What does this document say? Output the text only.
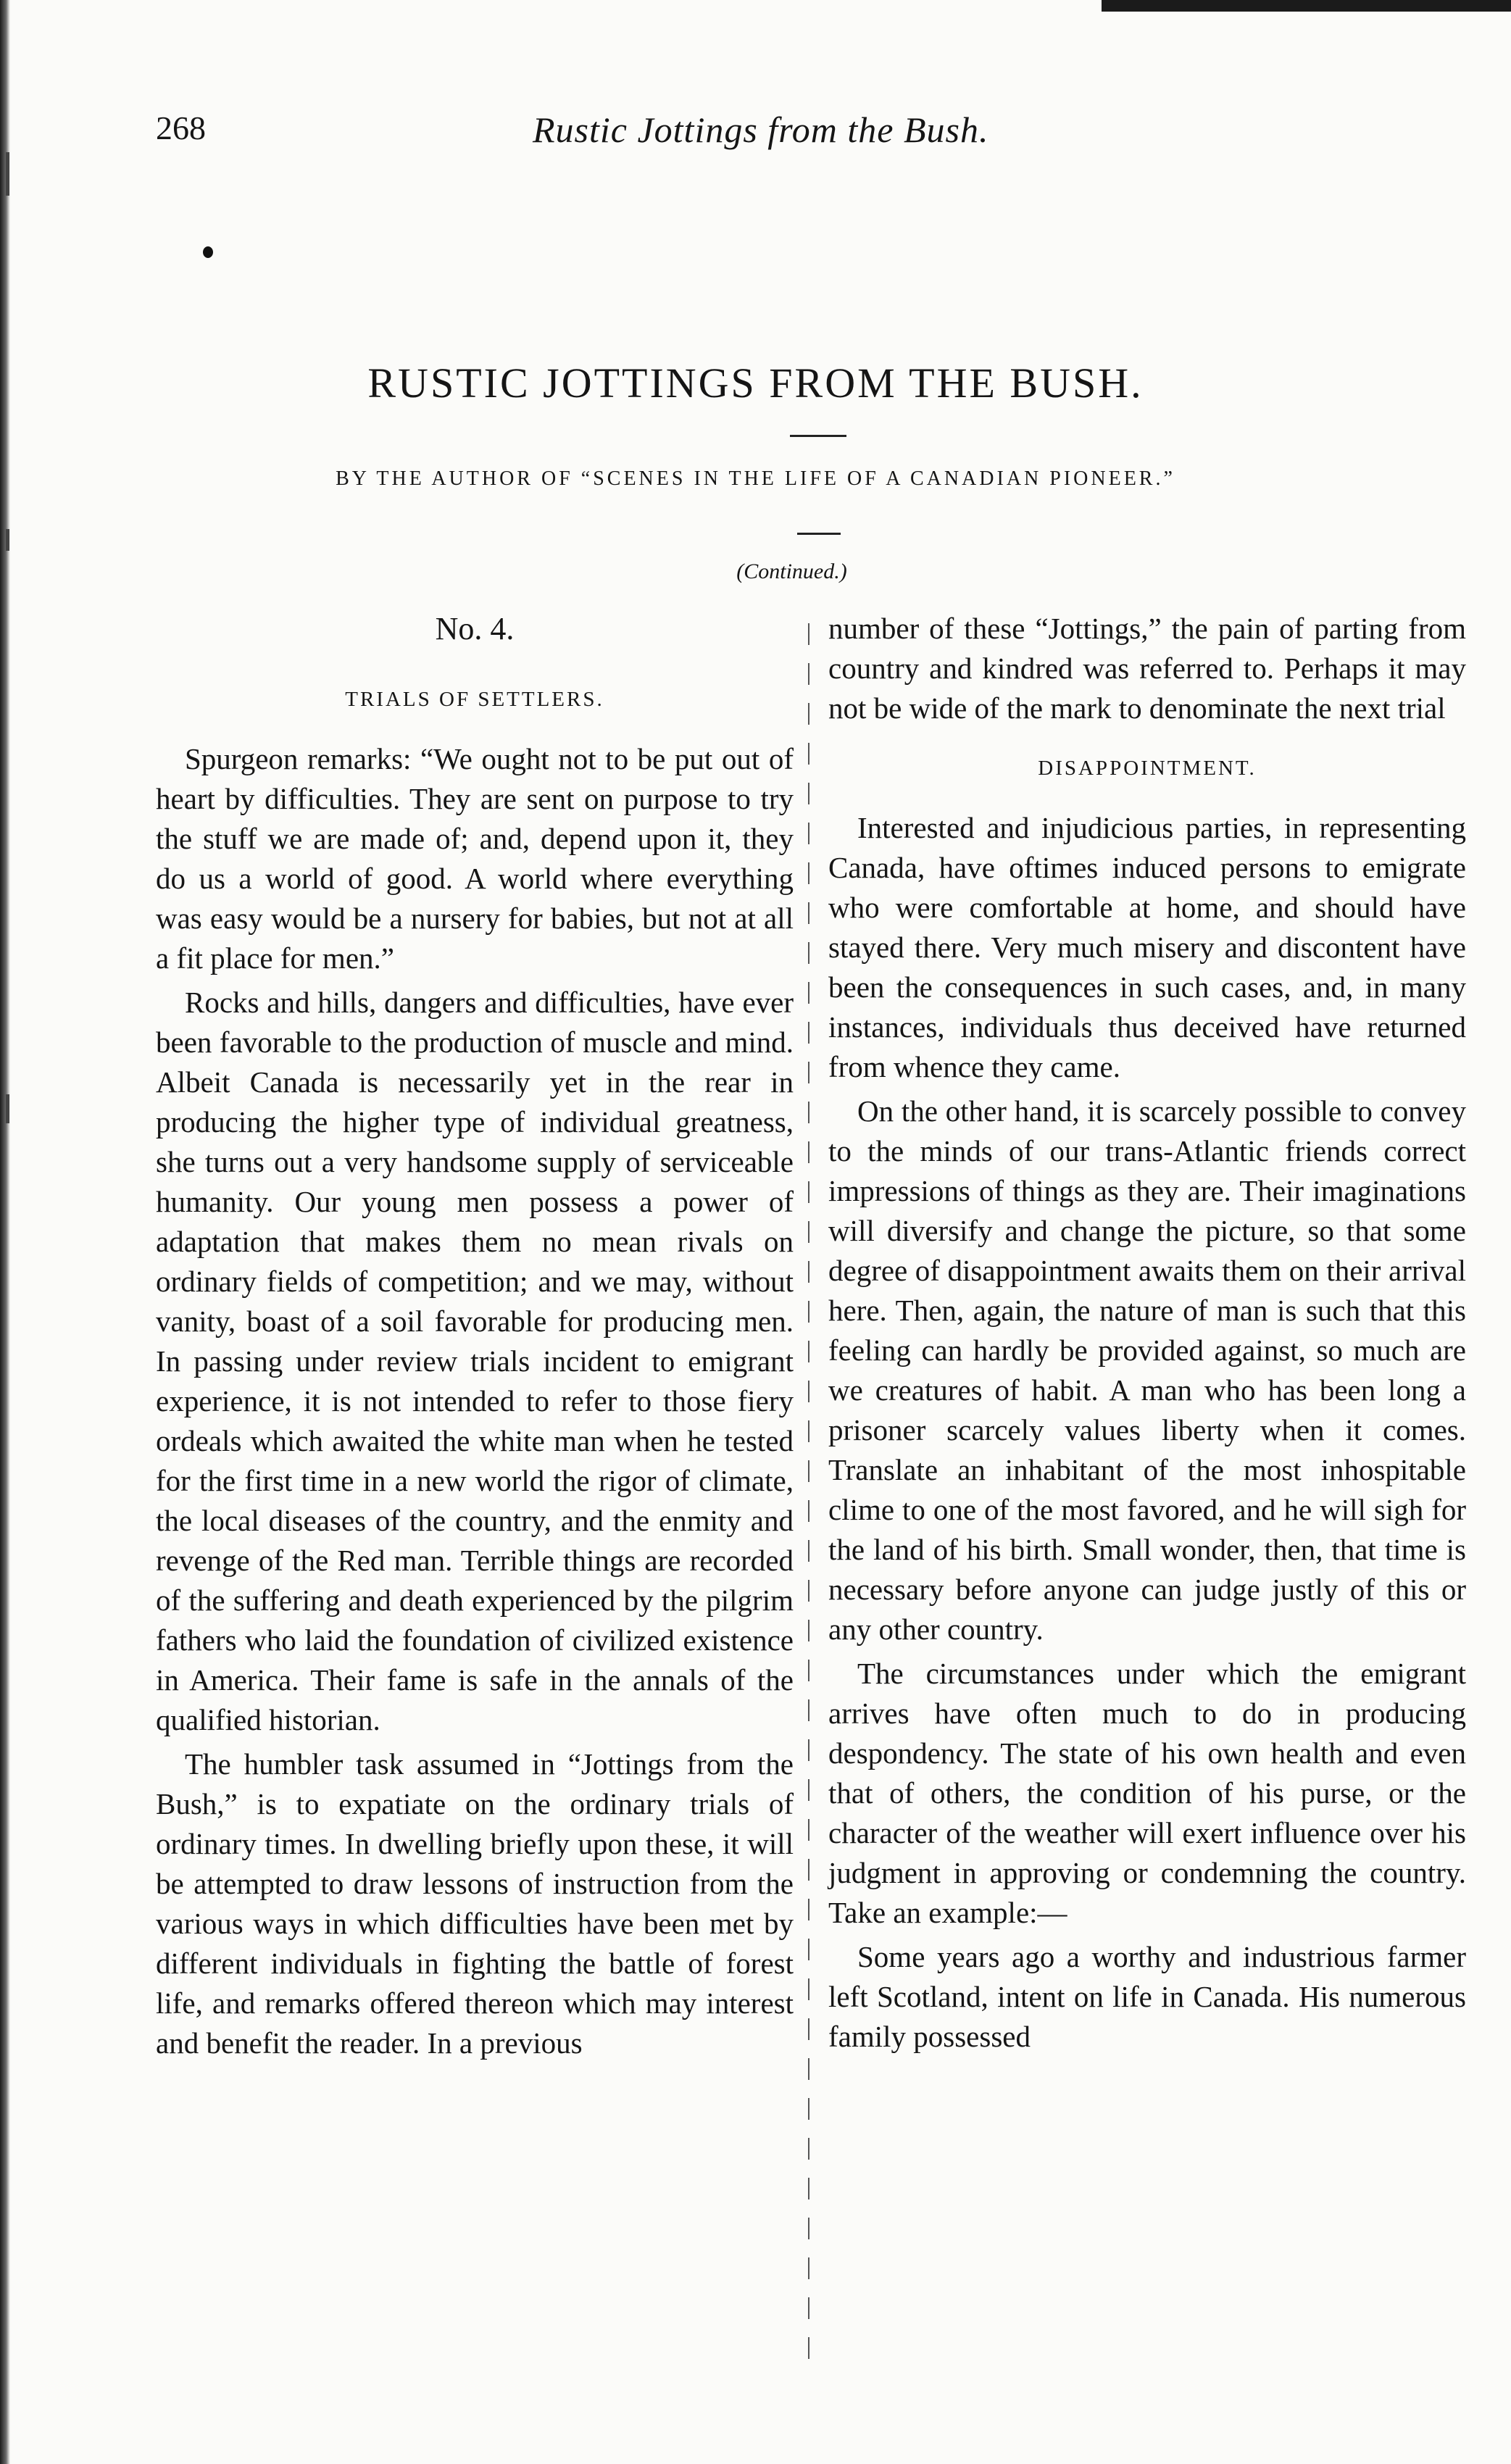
268	Rustic Jottings from the Bush.
RUSTIC JOTTINGS FROM THE BUSH.
BY THE AUTHOR OF “SCENES IN THE LIFE OF A CANADIAN PIONEER.”
(Continued.)
No. 4.
TRIALS OF SETTLERS.

Spurgeon remarks: “We ought not to be put out of heart by difficulties. They are sent on purpose to try the stuff we are made of; and, depend upon it, they do us a world of good. A world where everything was easy would be a nursery for babies, but not at all a fit place for men.”

Rocks and hills, dangers and difficulties, have ever been favorable to the production of muscle and mind. Albeit Canada is necessarily yet in the rear in producing the higher type of individual greatness, she turns out a very handsome supply of serviceable humanity. Our young men possess a power of adaptation that makes them no mean rivals on ordinary fields of competition; and we may, without vanity, boast of a soil favorable for producing men. In passing under review trials incident to emigrant experience, it is not intended to refer to those fiery ordeals which awaited the white man when he tested for the first time in a new world the rigor of climate, the local diseases of the country, and the enmity and revenge of the Red man. Terrible things are recorded of the suffering and death experienced by the pilgrim fathers who laid the foundation of civilized existence in America. Their fame is safe in the annals of the qualified historian.

The humbler task assumed in “Jottings from the Bush,” is to expatiate on the ordinary trials of ordinary times. In dwelling briefly upon these, it will be attempted to draw lessons of instruction from the various ways in which difficulties have been met by different individuals in fighting the battle of forest life, and remarks offered thereon which may interest and benefit the reader. In a previous

number of these “Jottings,” the pain of parting from country and kindred was referred to. Perhaps it may not be wide of the mark to denominate the next trial

DISAPPOINTMENT.

Interested and injudicious parties, in representing Canada, have oftimes induced persons to emigrate who were comfortable at home, and should have stayed there. Very much misery and discontent have been the consequences in such cases, and, in many instances, individuals thus deceived have returned from whence they came.

On the other hand, it is scarcely possible to convey to the minds of our trans-Atlantic friends correct impressions of things as they are. Their imaginations will diversify and change the picture, so that some degree of disappointment awaits them on their arrival here. Then, again, the nature of man is such that this feeling can hardly be provided against, so much are we creatures of habit. A man who has been long a prisoner scarcely values liberty when it comes. Translate an inhabitant of the most inhospitable clime to one of the most favored, and he will sigh for the land of his birth. Small wonder, then, that time is necessary before anyone can judge justly of this or any other country.

The circumstances under which the emigrant arrives have often much to do in producing despondency. The state of his own health and even that of others, the condition of his purse, or the character of the weather will exert influence over his judgment in approving or condemning the country. Take an example:—

Some years ago a worthy and industrious farmer left Scotland, intent on life in Canada. His numerous family possessed
